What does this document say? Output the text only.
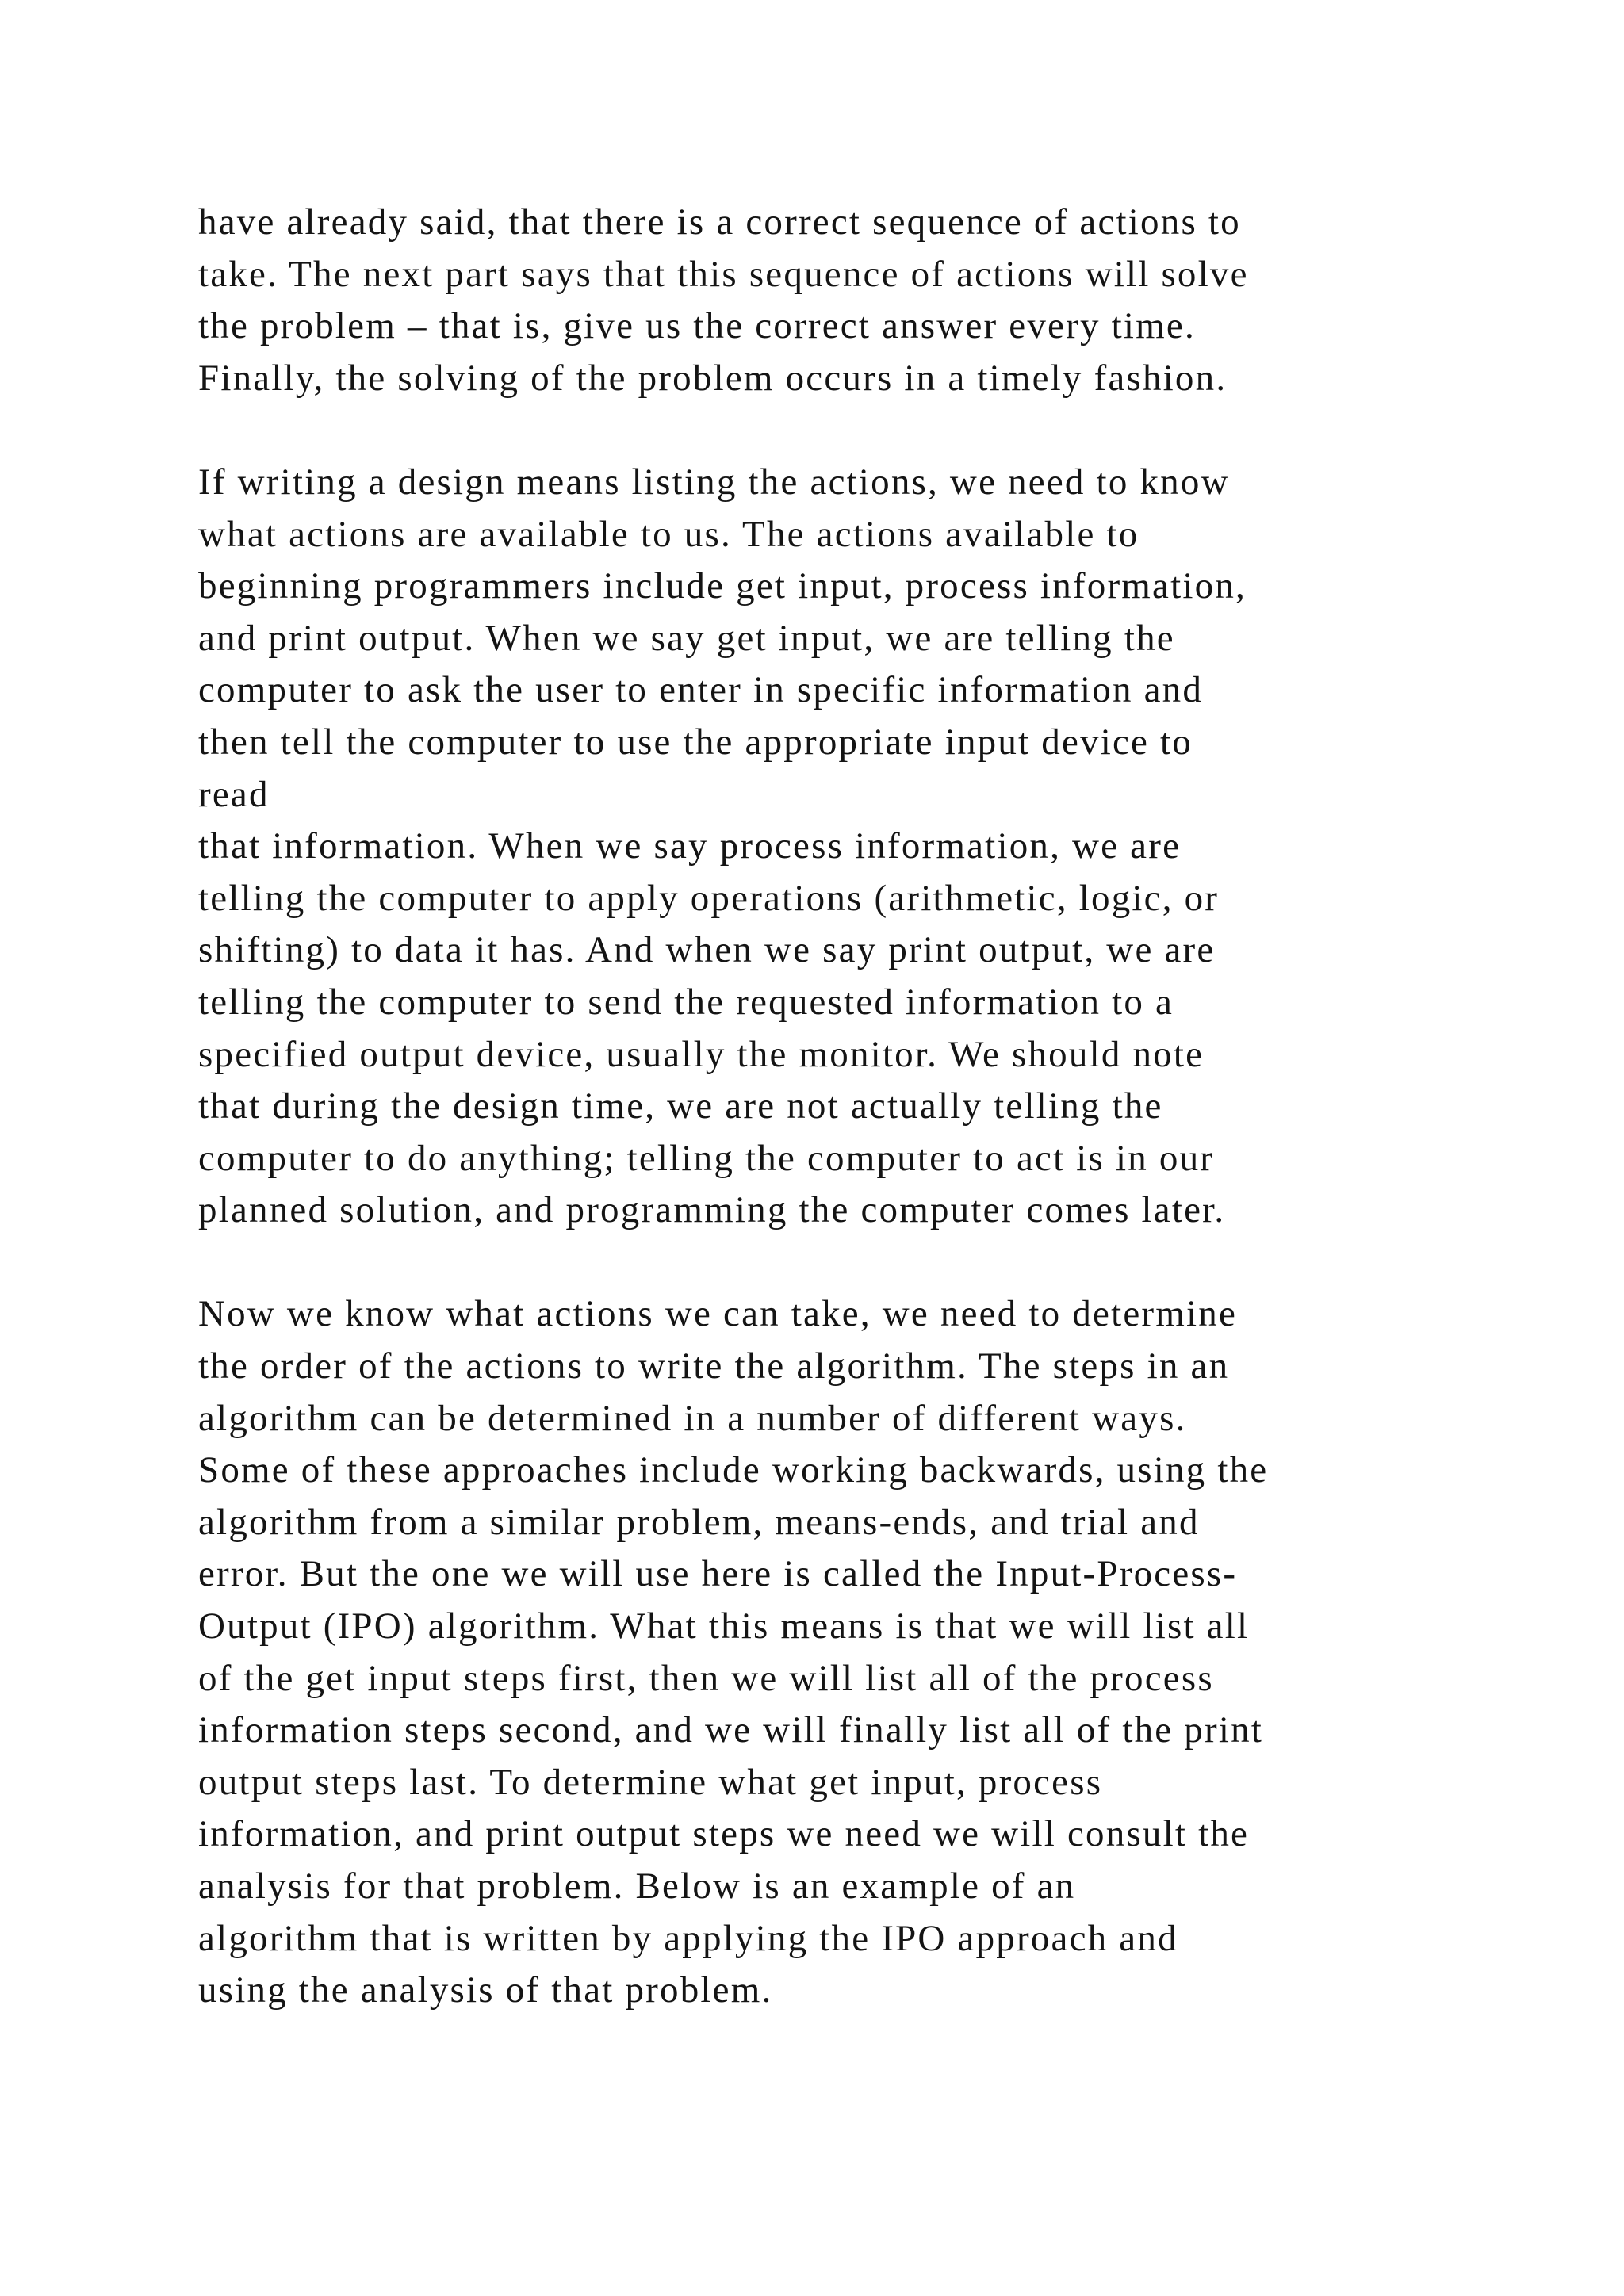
have already said, that there is a correct sequence of actions to
take. The next part says that this sequence of actions will solve
the problem – that is, give us the correct answer every time.
Finally, the solving of the problem occurs in a timely fashion.
If writing a design means listing the actions, we need to know
what actions are available to us. The actions available to
beginning programmers include get input, process information,
and print output. When we say get input, we are telling the
computer to ask the user to enter in specific information and
then tell the computer to use the appropriate input device to
read
that information. When we say process information, we are
telling the computer to apply operations (arithmetic, logic, or
shifting) to data it has. And when we say print output, we are
telling the computer to send the requested information to a
specified output device, usually the monitor. We should note
that during the design time, we are not actually telling the
computer to do anything; telling the computer to act is in our
planned solution, and programming the computer comes later.
Now we know what actions we can take, we need to determine
the order of the actions to write the algorithm. The steps in an
algorithm can be determined in a number of different ways.
Some of these approaches include working backwards, using the
algorithm from a similar problem, means-ends, and trial and
error. But the one we will use here is called the Input-Process-
Output (IPO) algorithm. What this means is that we will list all
of the get input steps first, then we will list all of the process
information steps second, and we will finally list all of the print
output steps last. To determine what get input, process
information, and print output steps we need we will consult the
analysis for that problem. Below is an example of an
algorithm that is written by applying the IPO approach and
using the analysis of that problem.
